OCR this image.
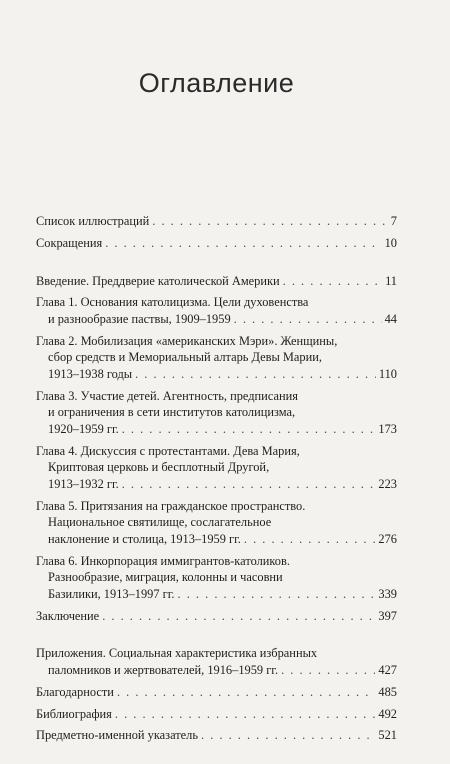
Оглавление
Список иллюстраций . . .	7
Сокращения . . .	10
Введение. Преддверие католической Америки . . .	11
Глава 1. Основания католицизма. Цели духовенства
и разнообразие паствы, 1909–1959 . . .	44
Глава 2. Мобилизация «американских Мэри». Женщины,
сбор средств и Мемориальный алтарь Девы Марии,
1913–1938 годы . . .	110
Глава 3. Участие детей. Агентность, предписания
и ограничения в сети институтов католицизма,
1920–1959 гг. . . .	173
Глава 4. Дискуссия с протестантами. Дева Мария,
Криптовая церковь и бесплотный Другой,
1913–1932 гг. . . .	223
Глава 5. Притязания на гражданское пространство.
Национальное святилище, сослагательное
наклонение и столица, 1913–1959 гг. . . .	276
Глава 6. Инкорпорация иммигрантов-католиков.
Разнообразие, миграция, колонны и часовни
Базилики, 1913–1997 гг. . . .	339
Заключение . . .	397
Приложения. Социальная характеристика избранных
паломников и жертвователей, 1916–1959 гг. . . .	427
Благодарности . . .	485
Библиография . . .	492
Предметно-именной указатель . . .	521
